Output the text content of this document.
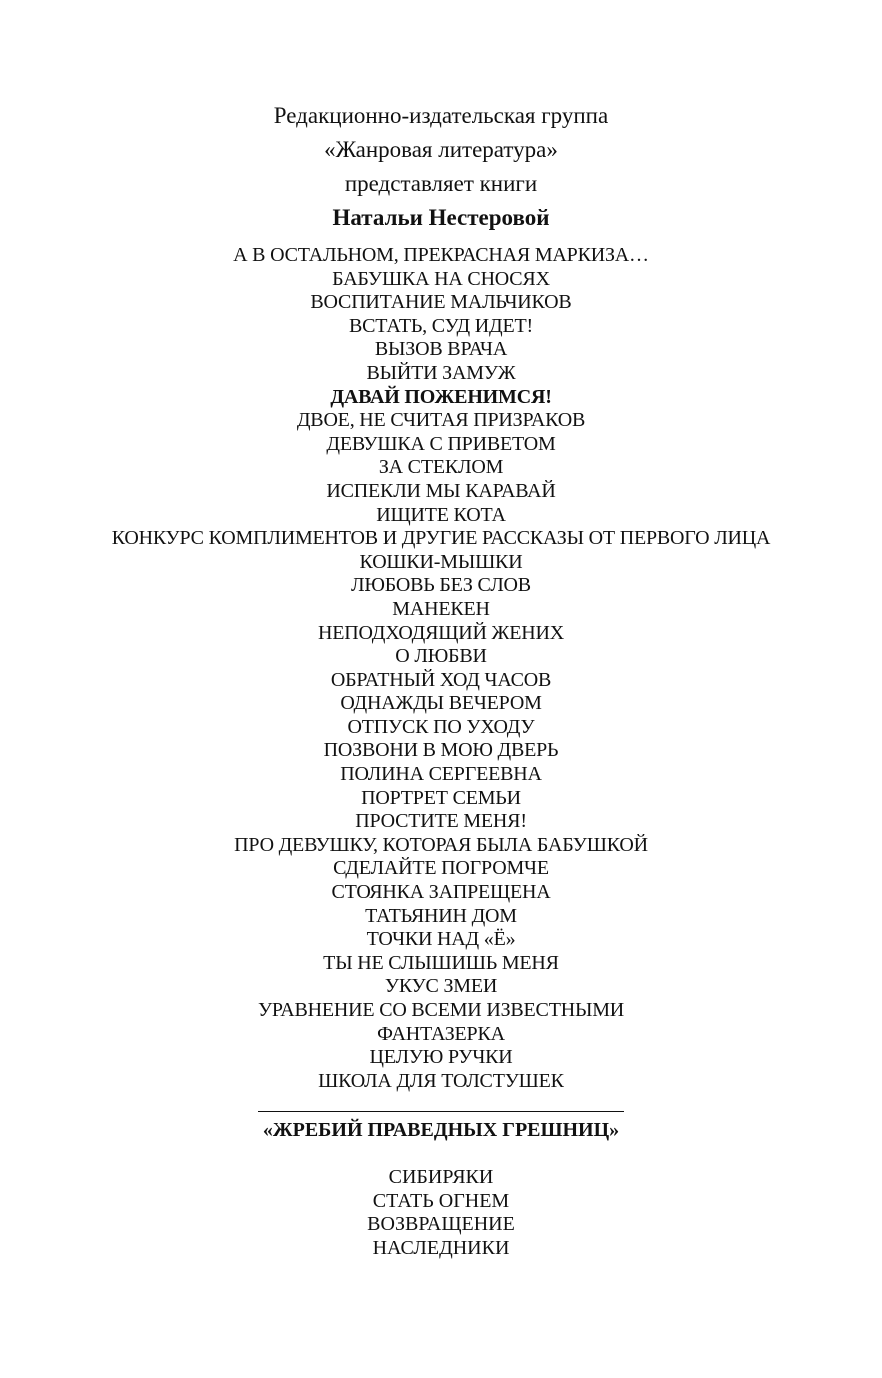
Редакционно-издательская группа
«Жанровая литература»
представляет книги
Натальи Нестеровой
А В ОСТАЛЬНОМ, ПРЕКРАСНАЯ МАРКИЗА…
БАБУШКА НА СНОСЯХ
ВОСПИТАНИЕ МАЛЬЧИКОВ
ВСТАТЬ, СУД ИДЕТ!
ВЫЗОВ ВРАЧА
ВЫЙТИ ЗАМУЖ
ДАВАЙ ПОЖЕНИМСЯ!
ДВОЕ, НЕ СЧИТАЯ ПРИЗРАКОВ
ДЕВУШКА С ПРИВЕТОМ
ЗА СТЕКЛОМ
ИСПЕКЛИ МЫ КАРАВАЙ
ИЩИТЕ КОТА
КОНКУРС КОМПЛИМЕНТОВ И ДРУГИЕ РАССКАЗЫ ОТ ПЕРВОГО ЛИЦА
КОШКИ-МЫШКИ
ЛЮБОВЬ БЕЗ СЛОВ
МАНЕКЕН
НЕПОДХОДЯЩИЙ ЖЕНИХ
О ЛЮБВИ
ОБРАТНЫЙ ХОД ЧАСОВ
ОДНАЖДЫ ВЕЧЕРОМ
ОТПУСК ПО УХОДУ
ПОЗВОНИ В МОЮ ДВЕРЬ
ПОЛИНА СЕРГЕЕВНА
ПОРТРЕТ СЕМЬИ
ПРОСТИТЕ МЕНЯ!
ПРО ДЕВУШКУ, КОТОРАЯ БЫЛА БАБУШКОЙ
СДЕЛАЙТЕ ПОГРОМЧЕ
СТОЯНКА ЗАПРЕЩЕНА
ТАТЬЯНИН ДОМ
ТОЧКИ НАД «Ё»
ТЫ НЕ СЛЫШИШЬ МЕНЯ
УКУС ЗМЕИ
УРАВНЕНИЕ СО ВСЕМИ ИЗВЕСТНЫМИ
ФАНТАЗЕРКА
ЦЕЛУЮ РУЧКИ
ШКОЛА ДЛЯ ТОЛСТУШЕК
«ЖРЕБИЙ ПРАВЕДНЫХ ГРЕШНИЦ»
СИБИРЯКИ
СТАТЬ ОГНЕМ
ВОЗВРАЩЕНИЕ
НАСЛЕДНИКИ
